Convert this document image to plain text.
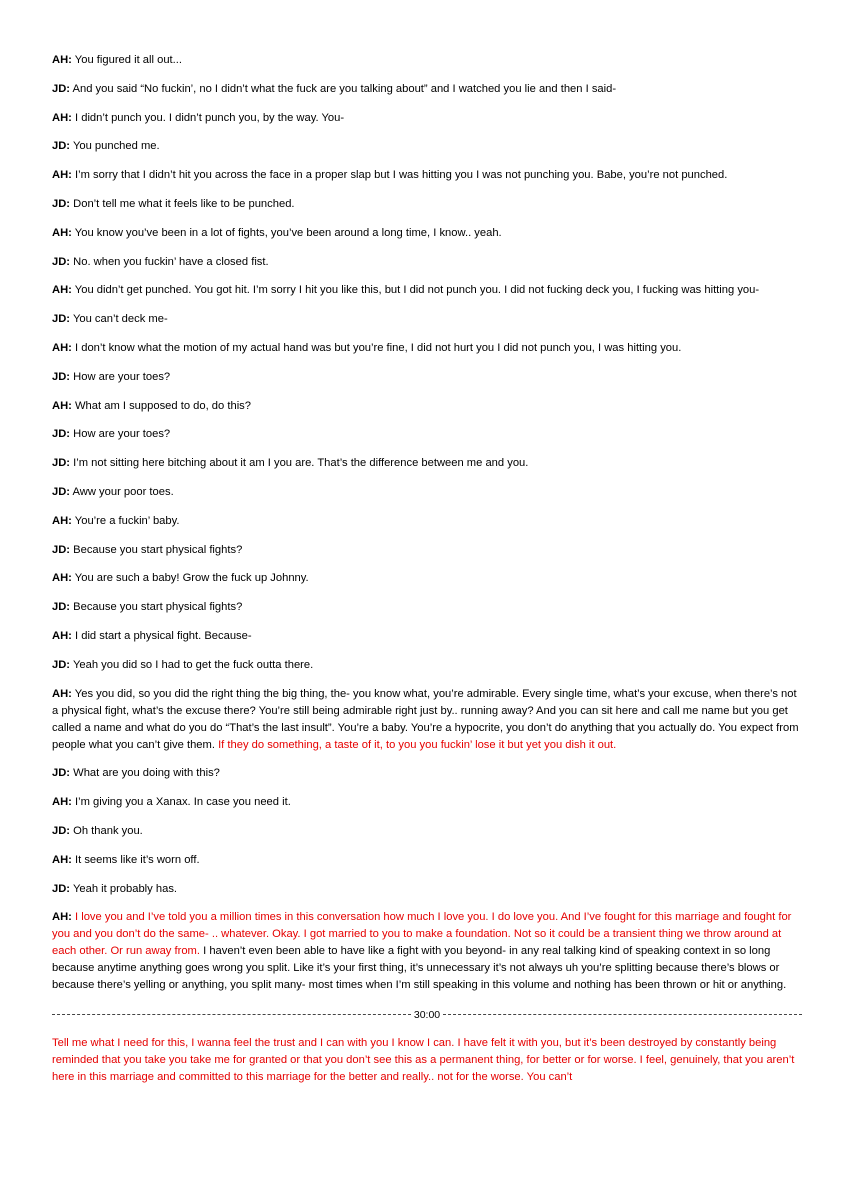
AH: You figured it all out...

JD: And you said “No fuckin’, no I didn’t what the fuck are you talking about” and I watched you lie and then I said-

AH: I didn’t punch you. I didn’t punch you, by the way. You-

JD: You punched me.

AH: I’m sorry that I didn’t hit you across the face in a proper slap but I was hitting you I was not punching you. Babe, you’re not punched.

JD: Don’t tell me what it feels like to be punched.

AH: You know you’ve been in a lot of fights, you’ve been around a long time, I know.. yeah.

JD: No. when you fuckin’ have a closed fist.

AH: You didn’t get punched. You got hit. I’m sorry I hit you like this, but I did not punch you. I did not fucking deck you, I fucking was hitting you-

JD: You can’t deck me-

AH: I don’t know what the motion of my actual hand was but you’re fine, I did not hurt you I did not punch you, I was hitting you.

JD: How are your toes?

AH: What am I supposed to do, do this?

JD: How are your toes?

JD: I’m not sitting here bitching about it am I you are. That’s the difference between me and you.

JD: Aww your poor toes.

AH: You’re a fuckin’ baby.

JD: Because you start physical fights?

AH: You are such a baby! Grow the fuck up Johnny.

JD: Because you start physical fights?

AH: I did start a physical fight. Because-

JD: Yeah you did so I had to get the fuck outta there.

AH: Yes you did, so you did the right thing the big thing, the- you know what, you’re admirable. Every single time, what’s your excuse, when there’s not a physical fight, what’s the excuse there? You’re still being admirable right just by.. running away? And you can sit here and call me name but you get called a name and what do you do “That’s the last insult”. You’re a baby. You’re a hypocrite, you don’t do anything that you actually do. You expect from people what you can’t give them. If they do something, a taste of it, to you you fuckin’ lose it but yet you dish it out.

JD: What are you doing with this?

AH: I’m giving you a Xanax. In case you need it.

JD: Oh thank you.

AH: It seems like it’s worn off.

JD: Yeah it probably has.

AH: I love you and I’ve told you a million times in this conversation how much I love you. I do love you. And I’ve fought for this marriage and fought for you and you don’t do the same- .. whatever. Okay. I got married to you to make a foundation. Not so it could be a transient thing we throw around at each other. Or run away from. I haven’t even been able to have like a fight with you beyond- in any real talking kind of speaking context in so long because anytime anything goes wrong you split. Like it’s your first thing, it’s unnecessary it’s not always uh you’re splitting because there’s blows or because there’s yelling or anything, you split many- most times when I’m still speaking in this volume and nothing has been thrown or hit or anything.

30:00

Tell me what I need for this, I wanna feel the trust and I can with you I know I can. I have felt it with you, but it’s been destroyed by constantly being reminded that you take you take me for granted or that you don’t see this as a permanent thing, for better or for worse. I feel, genuinely, that you aren’t here in this marriage and committed to this marriage for the better and really.. not for the worse. You can’t
